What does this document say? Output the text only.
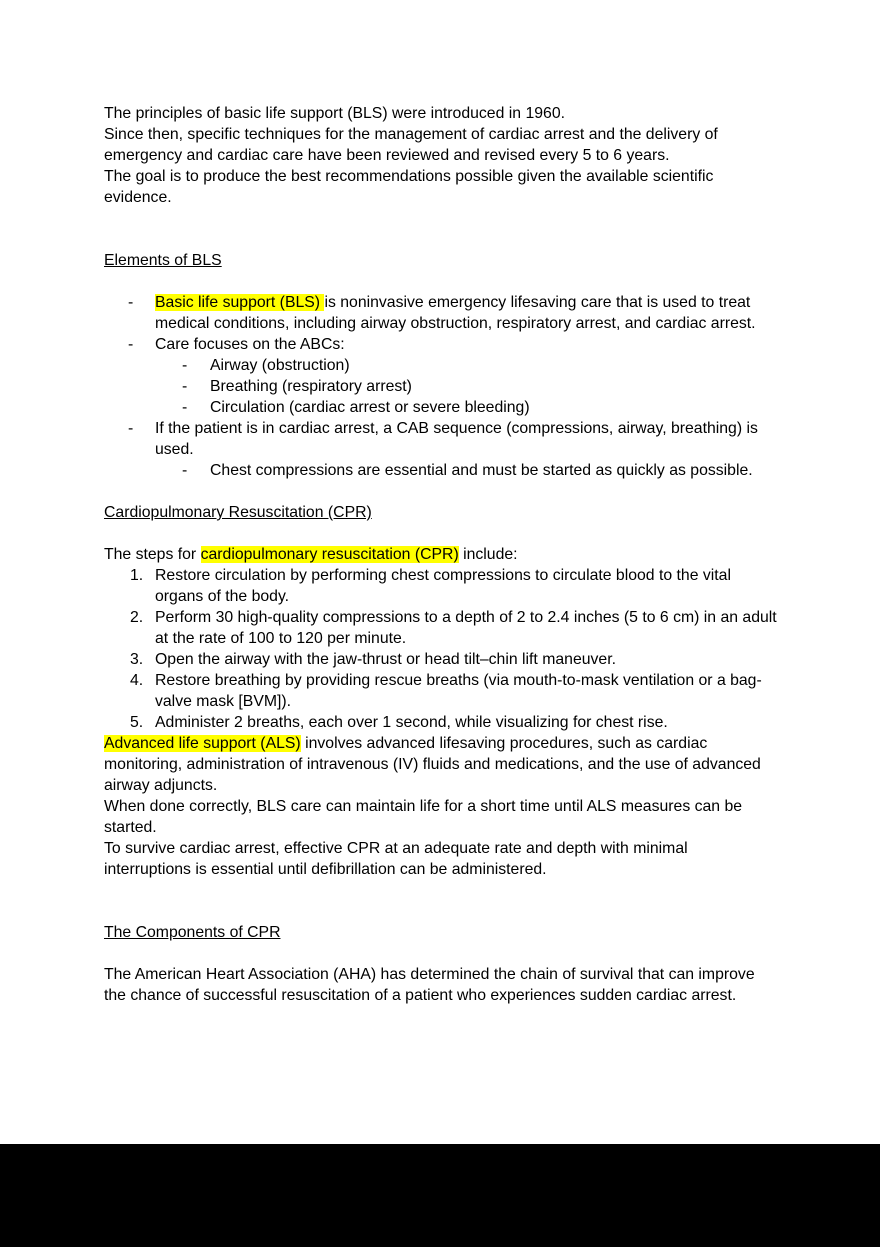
The principles of basic life support (BLS) were introduced in 1960.

Since then, specific techniques for the management of cardiac arrest and the delivery of emergency and cardiac care have been reviewed and revised every 5 to 6 years.

The goal is to produce the best recommendations possible given the available scientific evidence.

Elements of BLS
-	Basic life support (BLS) is noninvasive emergency lifesaving care that is used to treat medical conditions, including airway obstruction, respiratory arrest, and cardiac arrest.
-	Care focuses on the ABCs:
-	Airway (obstruction)
-	Breathing (respiratory arrest)
-	Circulation (cardiac arrest or severe bleeding)
-	If the patient is in cardiac arrest, a CAB sequence (compressions, airway, breathing) is used.
-	Chest compressions are essential and must be started as quickly as possible.
Cardiopulmonary Resuscitation (CPR)

The steps for cardiopulmonary resuscitation (CPR) include:

1. Restore circulation by performing chest compressions to circulate blood to the vital organs of the body.
2. Perform 30 high-quality compressions to a depth of 2 to 2.4 inches (5 to 6 cm) in an adult at the rate of 100 to 120 per minute.
3. Open the airway with the jaw-thrust or head tilt–chin lift maneuver.
4. Restore breathing by providing rescue breaths (via mouth-to-mask ventilation or a bag-valve mask [BVM]).
5. Administer 2 breaths, each over 1 second, while visualizing for chest rise.

Advanced life support (ALS) involves advanced lifesaving procedures, such as cardiac monitoring, administration of intravenous (IV) fluids and medications, and the use of advanced airway adjuncts.

When done correctly, BLS care can maintain life for a short time until ALS measures can be started.

To survive cardiac arrest, effective CPR at an adequate rate and depth with minimal interruptions is essential until defibrillation can be administered.

The Components of CPR

The American Heart Association (AHA) has determined the chain of survival that can improve the chance of successful resuscitation of a patient who experiences sudden cardiac arrest.
